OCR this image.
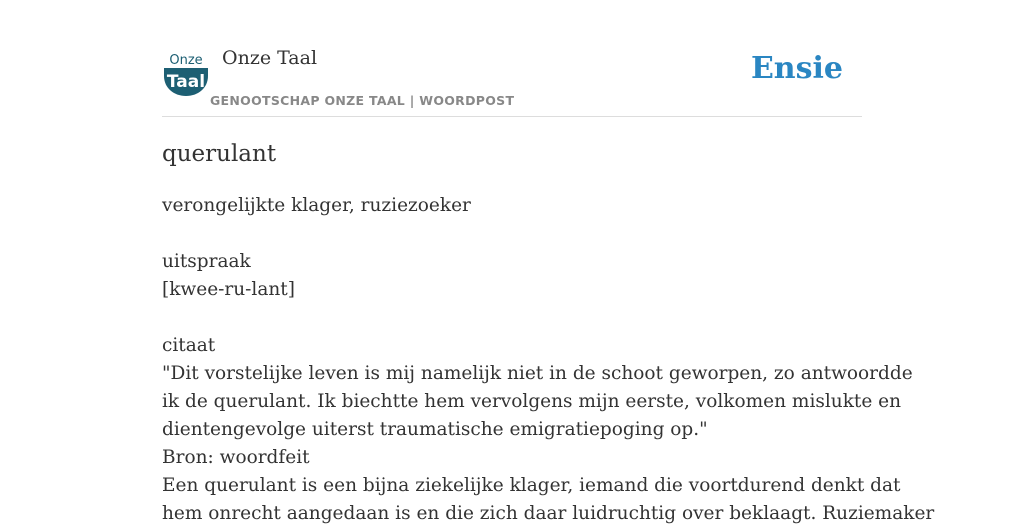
Onze
Taal
Onze Taal

GENOOTSCHAP ONZE TAAL | WOORDPOST

Ensie

querulant

verongelijkte klager, ruziezoeker

uitspraak

[kwee-ru-lant]

citaat

"Dit vorstelijke leven is mij namelijk niet in de schoot geworpen, zo antwoordde

ik de querulant. Ik biechtte hem vervolgens mijn eerste, volkomen mislukte en

dientengevolge uiterst traumatische emigratiepoging op."

Bron: woordfeit

Een querulant is een bijna ziekelijke klager, iemand die voortdurend denkt dat

hem onrecht aangedaan is en die zich daar luidruchtig over beklaagt. Ruziemaker
